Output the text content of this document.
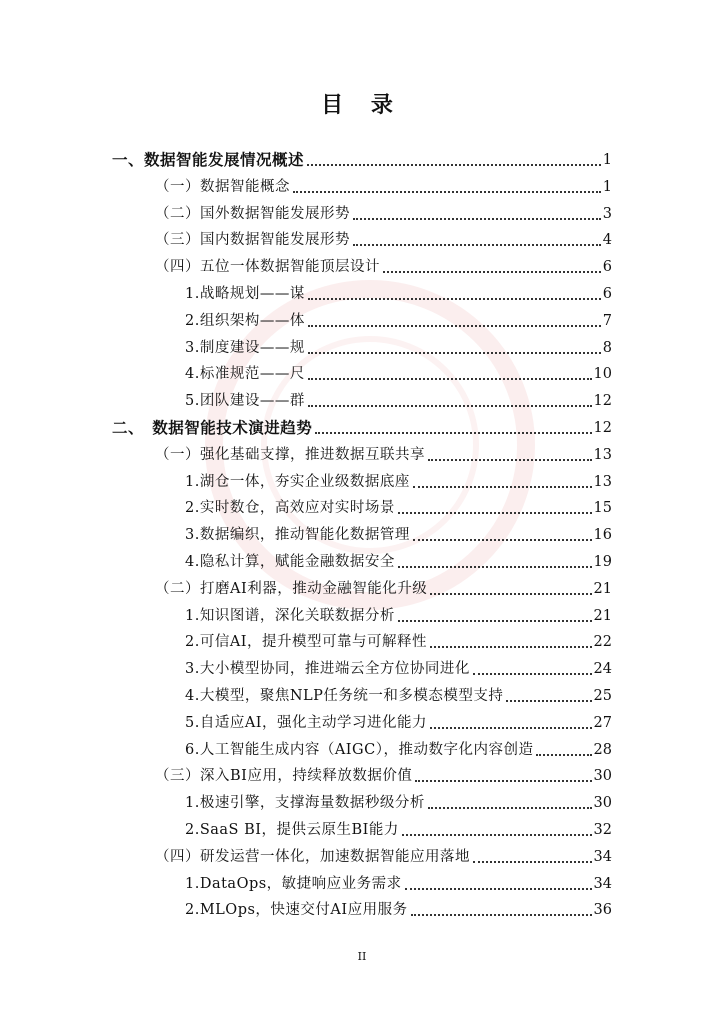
目 录
一、数据智能发展情况概述	1
（一）数据智能概念	1
（二）国外数据智能发展形势	3
（三）国内数据智能发展形势	4
（四）五位一体数据智能顶层设计	6
1.战略规划——谋	6
2.组织架构——体	7
3.制度建设——规	8
4.标准规范——尺	10
5.团队建设——群	12
二、　数据智能技术演进趋势	12
（一）强化基础支撑，推进数据互联共享	13
1.湖仓一体，夯实企业级数据底座	13
2.实时数仓，高效应对实时场景	15
3.数据编织，推动智能化数据管理	16
4.隐私计算，赋能金融数据安全	19
（二）打磨AI利器，推动金融智能化升级	21
1.知识图谱，深化关联数据分析	21
2.可信AI，提升模型可靠与可解释性	22
3.大小模型协同，推进端云全方位协同进化	24
4.大模型，聚焦NLP任务统一和多模态模型支持	25
5.自适应AI，强化主动学习进化能力	27
6.人工智能生成内容（AIGC），推动数字化内容创造	28
（三）深入BI应用，持续释放数据价值	30
1.极速引擎，支撑海量数据秒级分析	30
2.SaaS BI，提供云原生BI能力	32
（四）研发运营一体化，加速数据智能应用落地	34
1.DataOps，敏捷响应业务需求	34
2.MLOps，快速交付AI应用服务	36
II
